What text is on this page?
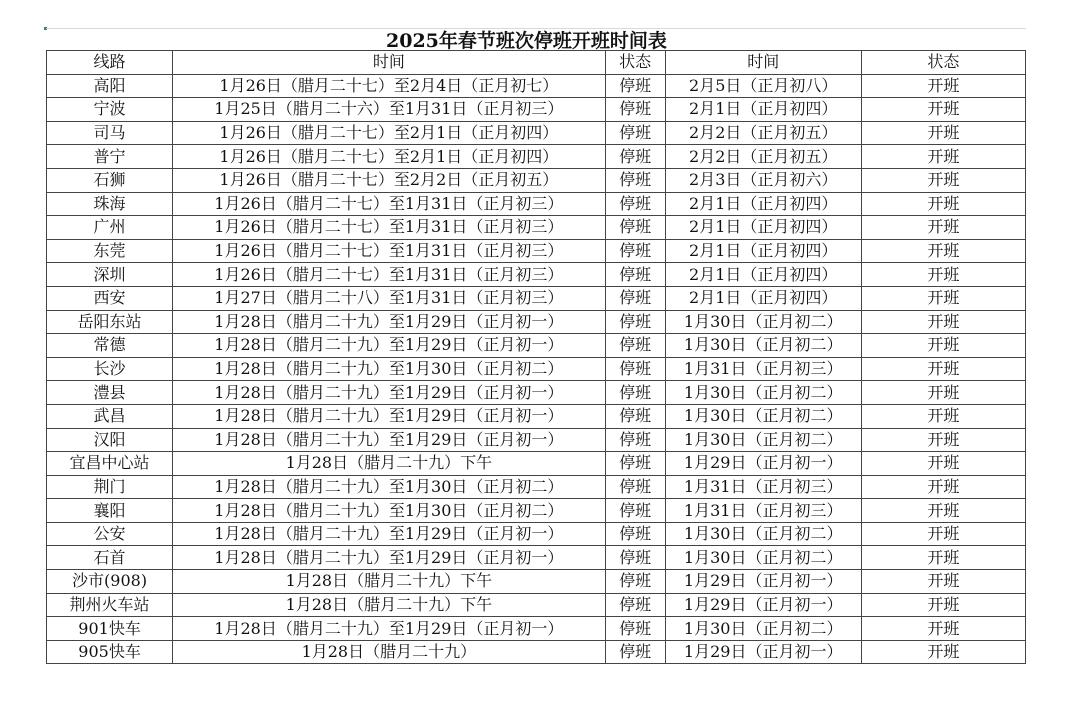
2025年春节班次停班开班时间表
线路	时间	状态	时间	状态
高阳	1月26日（腊月二十七）至2月4日（正月初七）	停班	2月5日（正月初八）	开班
宁波	1月25日（腊月二十六）至1月31日（正月初三）	停班	2月1日（正月初四）	开班
司马	1月26日（腊月二十七）至2月1日（正月初四）	停班	2月2日（正月初五）	开班
普宁	1月26日（腊月二十七）至2月1日（正月初四）	停班	2月2日（正月初五）	开班
石狮	1月26日（腊月二十七）至2月2日（正月初五）	停班	2月3日（正月初六）	开班
珠海	1月26日（腊月二十七）至1月31日（正月初三）	停班	2月1日（正月初四）	开班
广州	1月26日（腊月二十七）至1月31日（正月初三）	停班	2月1日（正月初四）	开班
东莞	1月26日（腊月二十七）至1月31日（正月初三）	停班	2月1日（正月初四）	开班
深圳	1月26日（腊月二十七）至1月31日（正月初三）	停班	2月1日（正月初四）	开班
西安	1月27日（腊月二十八）至1月31日（正月初三）	停班	2月1日（正月初四）	开班
岳阳东站	1月28日（腊月二十九）至1月29日（正月初一）	停班	1月30日（正月初二）	开班
常德	1月28日（腊月二十九）至1月29日（正月初一）	停班	1月30日（正月初二）	开班
长沙	1月28日（腊月二十九）至1月30日（正月初二）	停班	1月31日（正月初三）	开班
澧县	1月28日（腊月二十九）至1月29日（正月初一）	停班	1月30日（正月初二）	开班
武昌	1月28日（腊月二十九）至1月29日（正月初一）	停班	1月30日（正月初二）	开班
汉阳	1月28日（腊月二十九）至1月29日（正月初一）	停班	1月30日（正月初二）	开班
宜昌中心站	1月28日（腊月二十九）下午	停班	1月29日（正月初一）	开班
荆门	1月28日（腊月二十九）至1月30日（正月初二）	停班	1月31日（正月初三）	开班
襄阳	1月28日（腊月二十九）至1月30日（正月初二）	停班	1月31日（正月初三）	开班
公安	1月28日（腊月二十九）至1月29日（正月初一）	停班	1月30日（正月初二）	开班
石首	1月28日（腊月二十九）至1月29日（正月初一）	停班	1月30日（正月初二）	开班
沙市(908)	1月28日（腊月二十九）下午	停班	1月29日（正月初一）	开班
荆州火车站	1月28日（腊月二十九）下午	停班	1月29日（正月初一）	开班
901快车	1月28日（腊月二十九）至1月29日（正月初一）	停班	1月30日（正月初二）	开班
905快车	1月28日（腊月二十九）	停班	1月29日（正月初一）	开班
